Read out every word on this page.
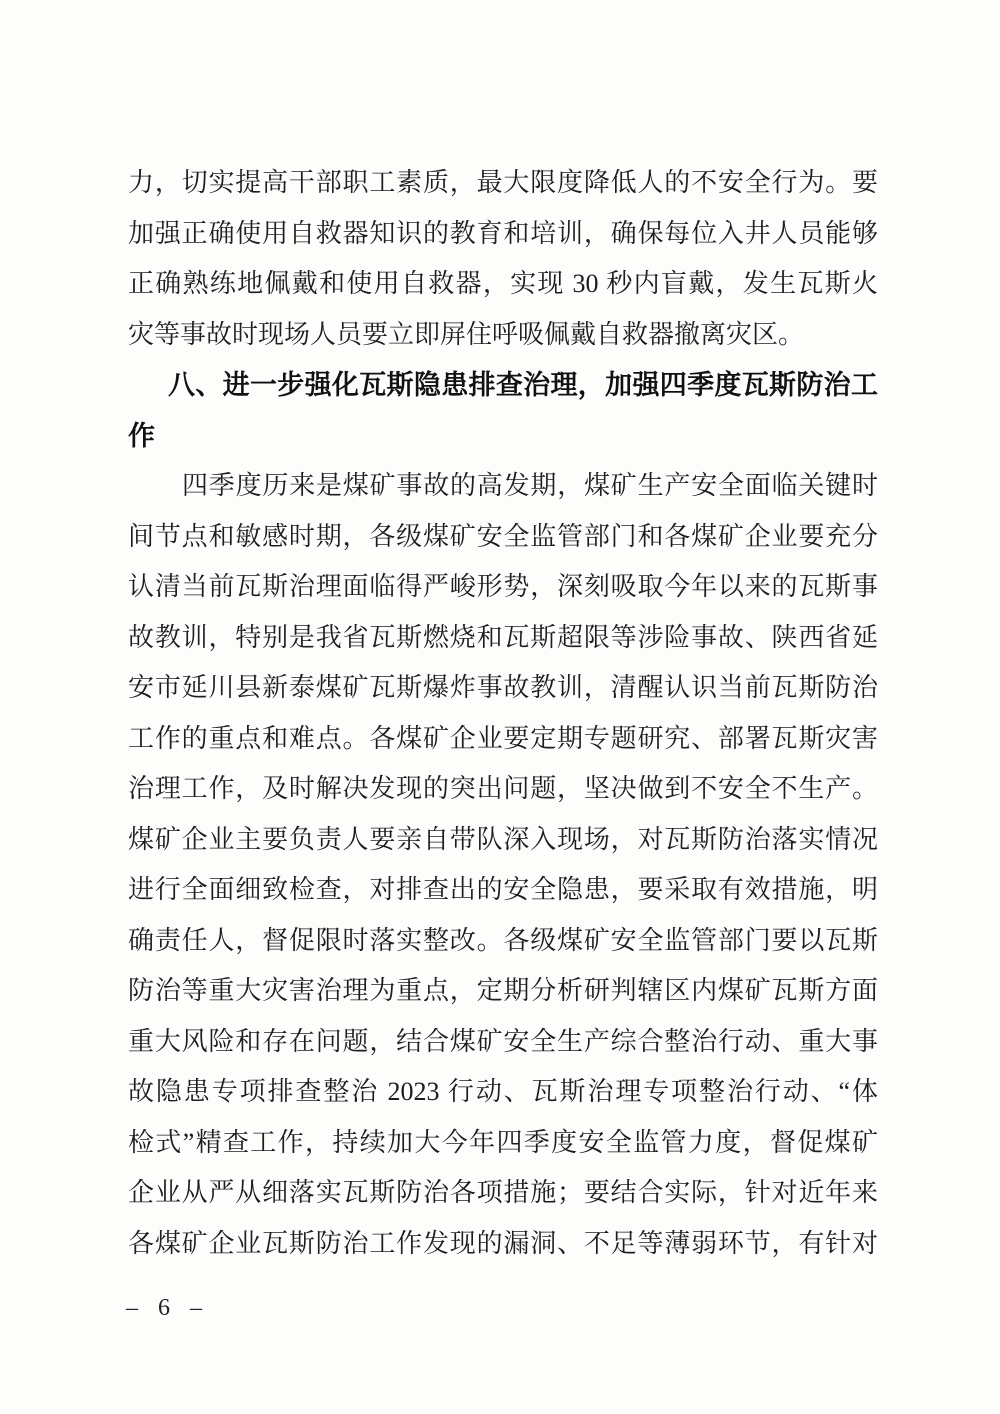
力，切实提高干部职工素质，最大限度降低人的不安全行为。要
加强正确使用自救器知识的教育和培训，确保每位入井人员能够
正确熟练地佩戴和使用自救器，实现 30 秒内盲戴，发生瓦斯火
灾等事故时现场人员要立即屏住呼吸佩戴自救器撤离灾区。
八、进一步强化瓦斯隐患排查治理，加强四季度瓦斯防治工
作
四季度历来是煤矿事故的高发期，煤矿生产安全面临关键时
间节点和敏感时期，各级煤矿安全监管部门和各煤矿企业要充分
认清当前瓦斯治理面临得严峻形势，深刻吸取今年以来的瓦斯事
故教训，特别是我省瓦斯燃烧和瓦斯超限等涉险事故、陕西省延
安市延川县新泰煤矿瓦斯爆炸事故教训，清醒认识当前瓦斯防治
工作的重点和难点。各煤矿企业要定期专题研究、部署瓦斯灾害
治理工作，及时解决发现的突出问题，坚决做到不安全不生产。
煤矿企业主要负责人要亲自带队深入现场，对瓦斯防治落实情况
进行全面细致检查，对排查出的安全隐患，要采取有效措施，明
确责任人，督促限时落实整改。各级煤矿安全监管部门要以瓦斯
防治等重大灾害治理为重点，定期分析研判辖区内煤矿瓦斯方面
重大风险和存在问题，结合煤矿安全生产综合整治行动、重大事
故隐患专项排查整治 2023 行动、瓦斯治理专项整治行动、“体
检式”精查工作，持续加大今年四季度安全监管力度，督促煤矿
企业从严从细落实瓦斯防治各项措施；要结合实际，针对近年来
各煤矿企业瓦斯防治工作发现的漏洞、不足等薄弱环节，有针对
– 6 –
